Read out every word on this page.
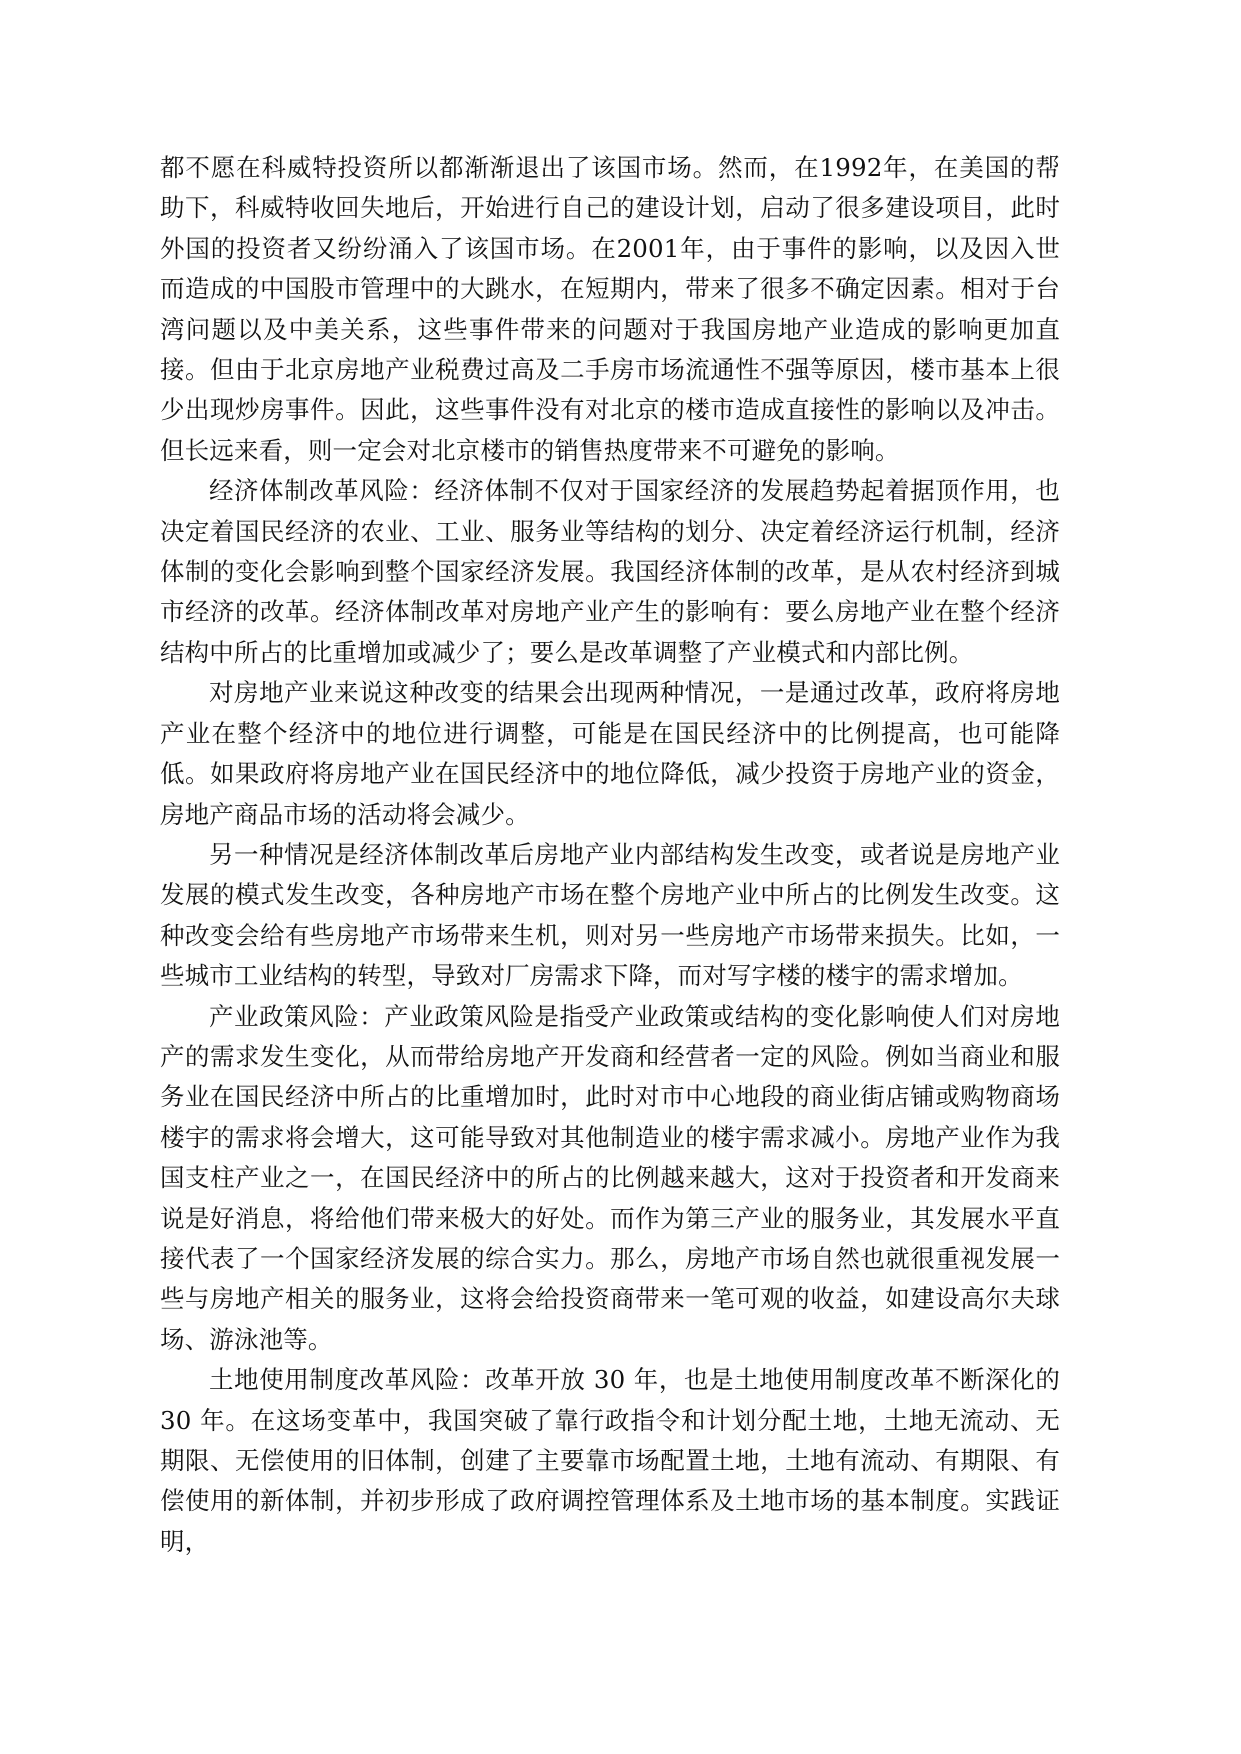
都不愿在科威特投资所以都渐渐退出了该国市场。然而，在1992年，在美国的帮助下，科威特收回失地后，开始进行自己的建设计划，启动了很多建设项目，此时外国的投资者又纷纷涌入了该国市场。在2001年，由于事件的影响，以及因入世而造成的中国股市管理中的大跳水，在短期内，带来了很多不确定因素。相对于台湾问题以及中美关系，这些事件带来的问题对于我国房地产业造成的影响更加直接。但由于北京房地产业税费过高及二手房市场流通性不强等原因，楼市基本上很少出现炒房事件。因此，这些事件没有对北京的楼市造成直接性的影响以及冲击。但长远来看，则一定会对北京楼市的销售热度带来不可避免的影响。

经济体制改革风险：经济体制不仅对于国家经济的发展趋势起着据顶作用，也决定着国民经济的农业、工业、服务业等结构的划分、决定着经济运行机制，经济体制的变化会影响到整个国家经济发展。我国经济体制的改革，是从农村经济到城市经济的改革。经济体制改革对房地产业产生的影响有：要么房地产业在整个经济结构中所占的比重增加或减少了；要么是改革调整了产业模式和内部比例。

对房地产业来说这种改变的结果会出现两种情况，一是通过改革，政府将房地产业在整个经济中的地位进行调整，可能是在国民经济中的比例提高，也可能降低。如果政府将房地产业在国民经济中的地位降低，减少投资于房地产业的资金，房地产商品市场的活动将会减少。

另一种情况是经济体制改革后房地产业内部结构发生改变，或者说是房地产业发展的模式发生改变，各种房地产市场在整个房地产业中所占的比例发生改变。这种改变会给有些房地产市场带来生机，则对另一些房地产市场带来损失。比如，一些城市工业结构的转型，导致对厂房需求下降，而对写字楼的楼宇的需求增加。

产业政策风险：产业政策风险是指受产业政策或结构的变化影响使人们对房地产的需求发生变化，从而带给房地产开发商和经营者一定的风险。例如当商业和服务业在国民经济中所占的比重增加时，此时对市中心地段的商业街店铺或购物商场楼宇的需求将会增大，这可能导致对其他制造业的楼宇需求减小。房地产业作为我国支柱产业之一，在国民经济中的所占的比例越来越大，这对于投资者和开发商来说是好消息，将给他们带来极大的好处。而作为第三产业的服务业，其发展水平直接代表了一个国家经济发展的综合实力。那么，房地产市场自然也就很重视发展一些与房地产相关的服务业，这将会给投资商带来一笔可观的收益，如建设高尔夫球场、游泳池等。

土地使用制度改革风险：改革开放 30 年，也是土地使用制度改革不断深化的 30 年。在这场变革中，我国突破了靠行政指令和计划分配土地，土地无流动、无期限、无偿使用的旧体制，创建了主要靠市场配置土地，土地有流动、有期限、有偿使用的新体制，并初步形成了政府调控管理体系及土地市场的基本制度。实践证明，
